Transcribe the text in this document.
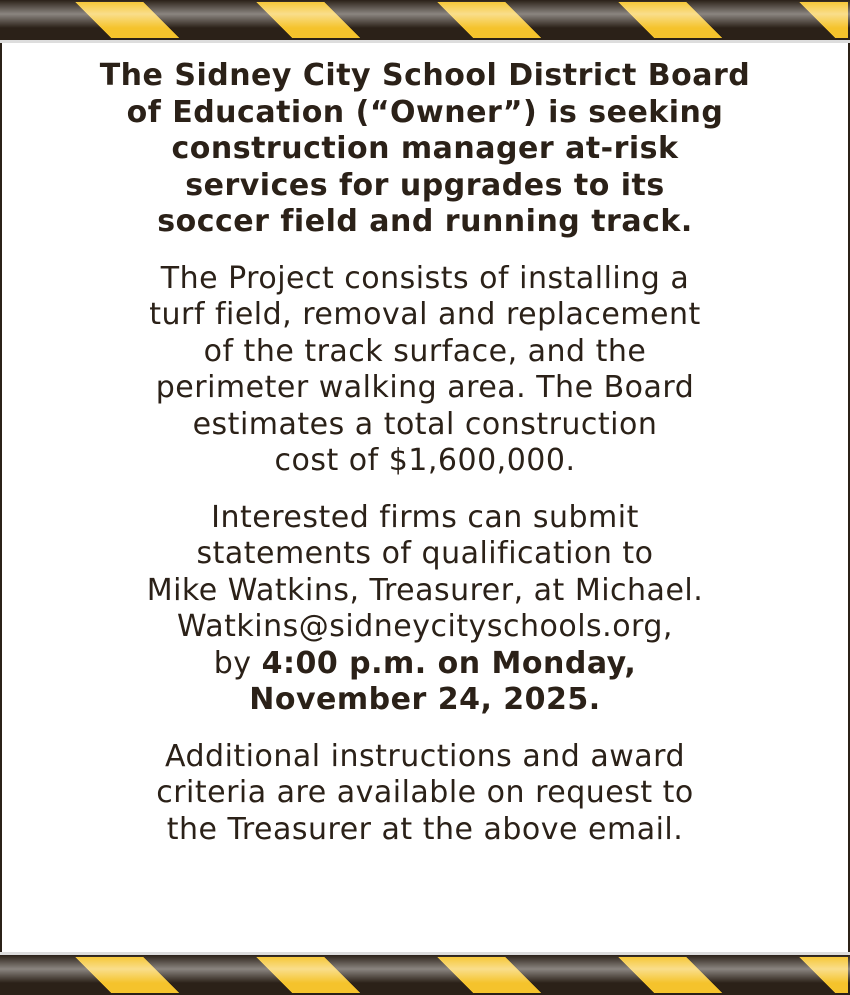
The Sidney City School District Board
of Education (“Owner”) is seeking
construction manager at-risk
services for upgrades to its
soccer field and running track.

The Project consists of installing a
turf field, removal and replacement
of the track surface, and the
perimeter walking area. The Board
estimates a total construction
cost of $1,600,000.

Interested firms can submit
statements of qualification to
Mike Watkins, Treasurer, at Michael.
Watkins@sidneycityschools.org,
by 4:00 p.m. on Monday,
November 24, 2025.

Additional instructions and award
criteria are available on request to
the Treasurer at the above email.
